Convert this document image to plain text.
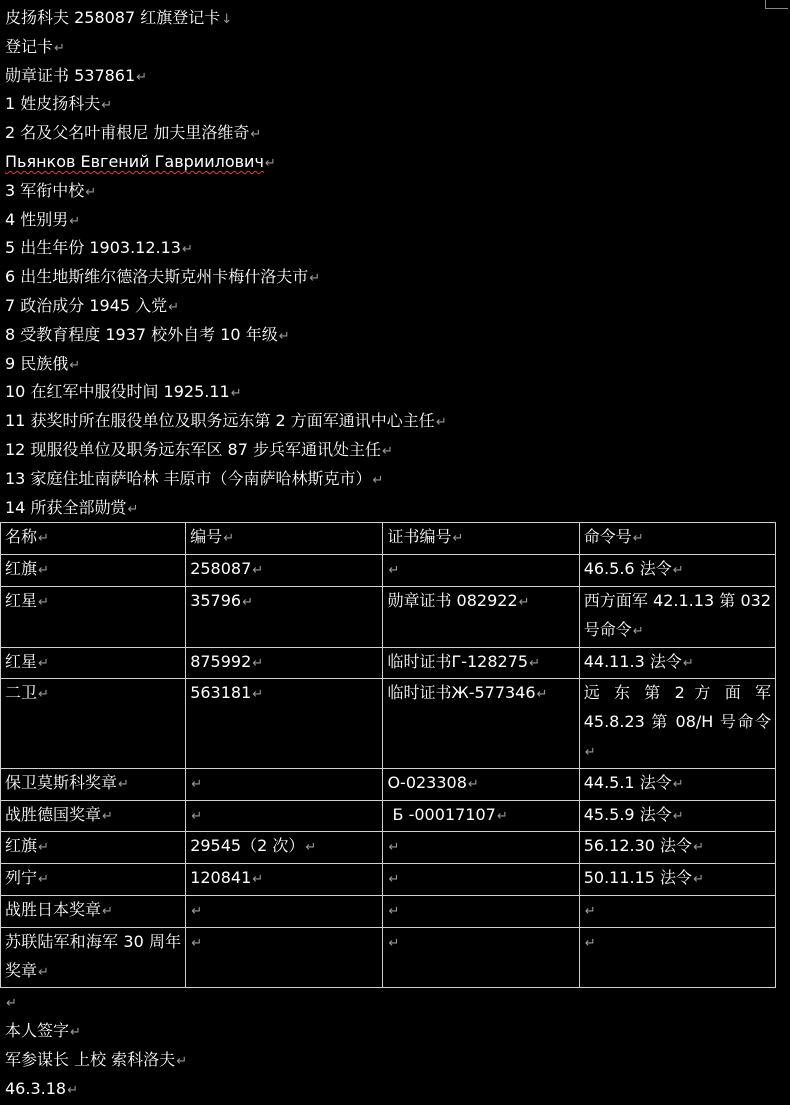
皮扬科夫 258087 红旗登记卡↓
登记卡↵
勋章证书 537861↵
1 姓皮扬科夫↵
2 名及父名叶甫根尼 加夫里洛维奇↵
Пьянков Евгений Гавриилович↵
3 军衔中校↵
4 性别男↵
5 出生年份 1903.12.13↵
6 出生地斯维尔德洛夫斯克州卡梅什洛夫市↵
7 政治成分 1945 入党↵
8 受教育程度 1937 校外自考 10 年级↵
9 民族俄↵
10 在红军中服役时间 1925.11↵
11 获奖时所在服役单位及职务远东第 2 方面军通讯中心主任↵
12 现服役单位及职务远东军区 87 步兵军通讯处主任↵
13 家庭住址南萨哈林 丰原市（今南萨哈林斯克市）↵
14 所获全部勋赏↵
名称↵	编号↵	证书编号↵	命令号↵
红旗↵	258087↵	↵	46.5.6 法令↵
红星↵	35796↵	勋章证书 082922↵	西方面军 42.1.13 第 032 号命令↵
红星↵	875992↵	临时证书Г-128275↵	44.11.3 法令↵
二卫↵	563181↵	临时证书Ж-577346↵	远 东 第 2 方 面 军 45.8.23 第 08/Н 号命令↵
保卫莫斯科奖章↵	↵	О-023308↵	44.5.1 法令↵
战胜德国奖章↵	↵	Б -00017107↵	45.5.9 法令↵
红旗↵	29545（2 次）↵	↵	56.12.30 法令↵
列宁↵	120841↵	↵	50.11.15 法令↵
战胜日本奖章↵	↵	↵	↵
苏联陆军和海军 30 周年奖章↵	↵	↵	↵
↵
本人签字↵
军参谋长 上校 索科洛夫↵
46.3.18↵
